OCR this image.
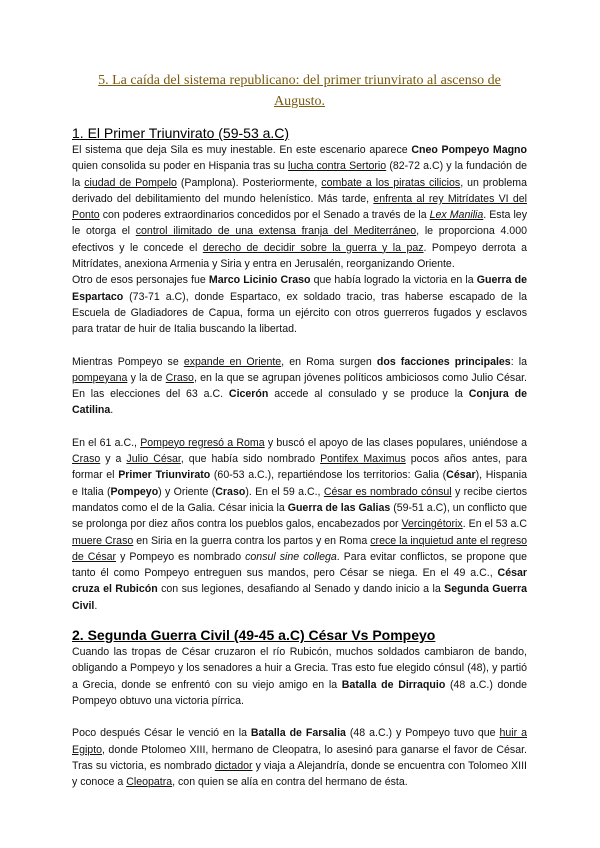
5. La caída del sistema republicano: del primer triunvirato al ascenso de Augusto.
1. El Primer Triunvirato (59-53 a.C)

El sistema que deja Sila es muy inestable. En este escenario aparece Cneo Pompeyo Magno quien consolida su poder en Hispania tras su lucha contra Sertorio (82-72 a.C) y la fundación de la ciudad de Pompelo (Pamplona). Posteriormente, combate a los piratas cilicios, un problema derivado del debilitamiento del mundo helenístico. Más tarde, enfrenta al rey Mitrídates VI del Ponto con poderes extraordinarios concedidos por el Senado a través de la Lex Manilia. Esta ley le otorga el control ilimitado de una extensa franja del Mediterráneo, le proporciona 4.000 efectivos y le concede el derecho de decidir sobre la guerra y la paz. Pompeyo derrota a Mitrídates, anexiona Armenia y Siria y entra en Jerusalén, reorganizando Oriente.

Otro de esos personajes fue Marco Licinio Craso que había logrado la victoria en la Guerra de Espartaco (73-71 a.C), donde Espartaco, ex soldado tracio, tras haberse escapado de la Escuela de Gladiadores de Capua, forma un ejército con otros guerreros fugados y esclavos para tratar de huir de Italia buscando la libertad.

Mientras Pompeyo se expande en Oriente, en Roma surgen dos facciones principales: la pompeyana y la de Craso, en la que se agrupan jóvenes políticos ambiciosos como Julio César. En las elecciones del 63 a.C. Cicerón accede al consulado y se produce la Conjura de Catilina.

En el 61 a.C., Pompeyo regresó a Roma y buscó el apoyo de las clases populares, uniéndose a Craso y a Julio César, que había sido nombrado Pontifex Maximus pocos años antes, para formar el Primer Triunvirato (60-53 a.C.), repartiéndose los territorios: Galia (César), Hispania e Italia (Pompeyo) y Oriente (Craso). En el 59 a.C., César es nombrado cónsul y recibe ciertos mandatos como el de la Galia. César inicia la Guerra de las Galias (59-51 a.C), un conflicto que se prolonga por diez años contra los pueblos galos, encabezados por Vercingétorix. En el 53 a.C muere Craso en Siria en la guerra contra los partos y en Roma crece la inquietud ante el regreso de César y Pompeyo es nombrado consul sine collega. Para evitar conflictos, se propone que tanto él como Pompeyo entreguen sus mandos, pero César se niega. En el 49 a.C., César cruza el Rubicón con sus legiones, desafiando al Senado y dando inicio a la Segunda Guerra Civil.

2. Segunda Guerra Civil (49-45 a.C) César Vs Pompeyo

Cuando las tropas de César cruzaron el río Rubicón, muchos soldados cambiaron de bando, obligando a Pompeyo y los senadores a huir a Grecia. Tras esto fue elegido cónsul (48), y partió a Grecia, donde se enfrentó con su viejo amigo en la Batalla de Dirraquio (48 a.C.) donde Pompeyo obtuvo una victoria pírrica.

Poco después César le venció en la Batalla de Farsalia (48 a.C.) y Pompeyo tuvo que huir a Egipto, donde Ptolomeo XIII, hermano de Cleopatra, lo asesinó para ganarse el favor de César. Tras su victoria, es nombrado dictador y viaja a Alejandría, donde se encuentra con Tolomeo XIII y conoce a Cleopatra, con quien se alía en contra del hermano de ésta.
